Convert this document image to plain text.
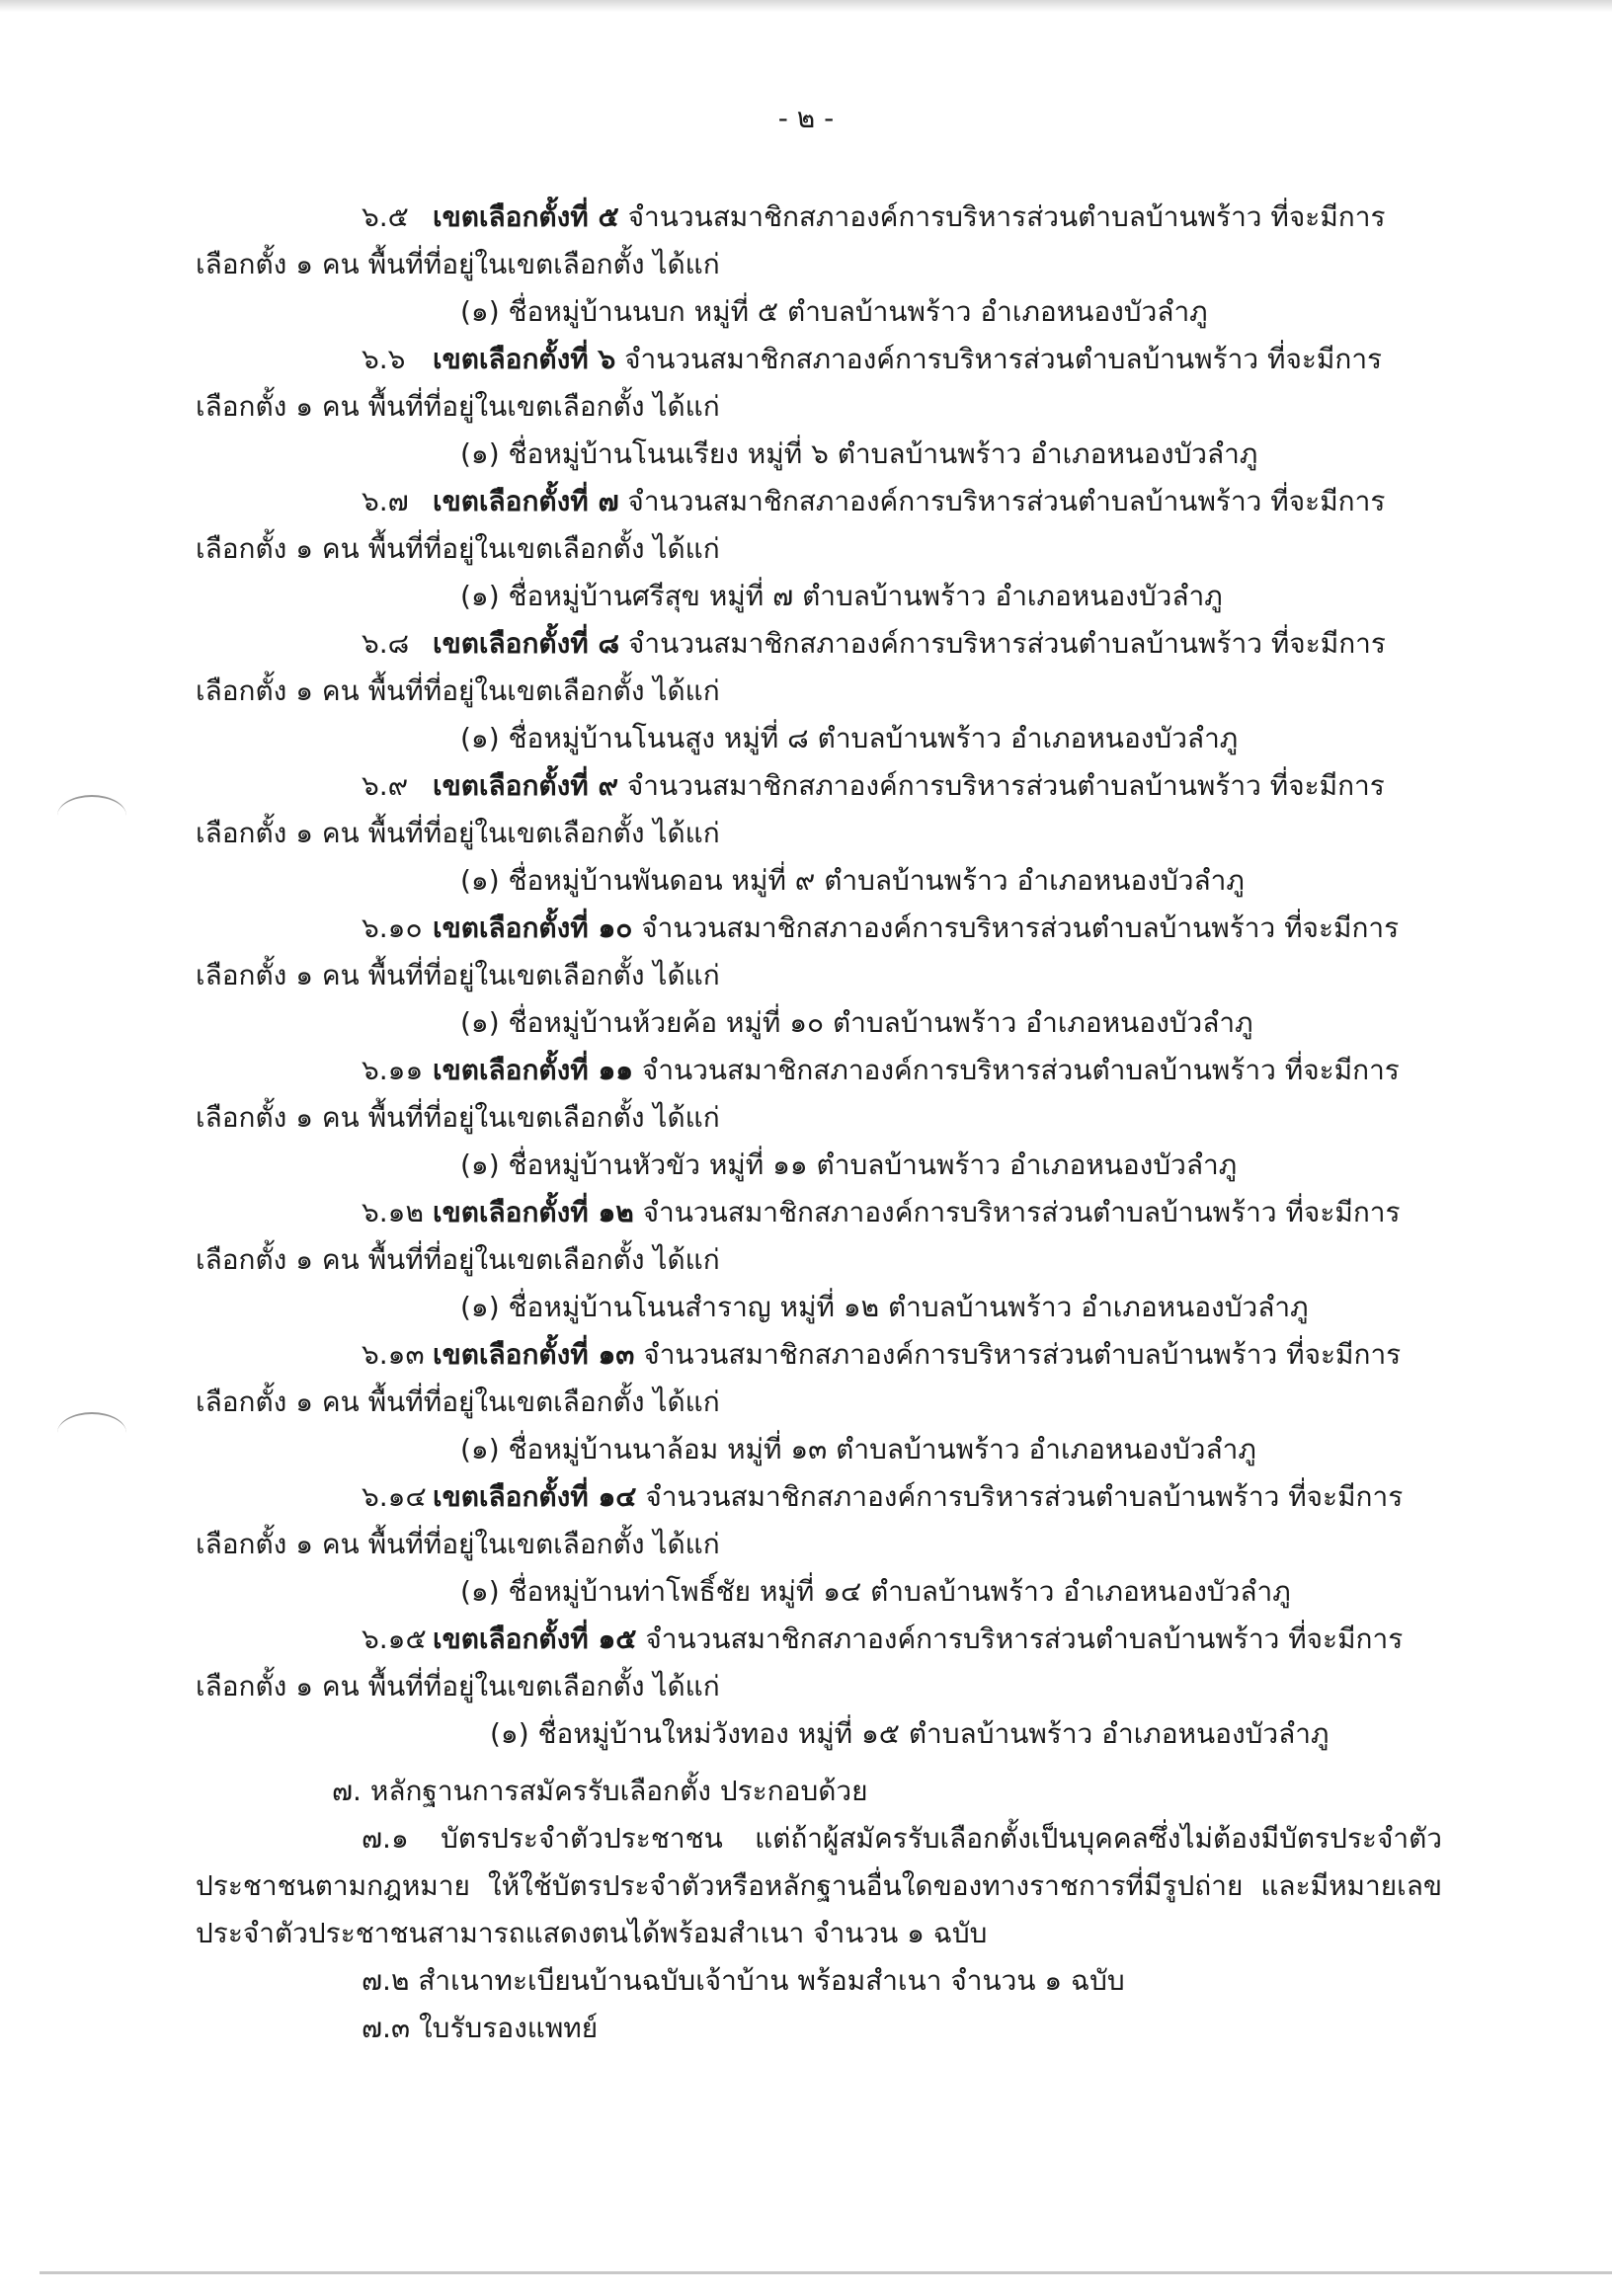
- ๒ -
๖.๕ เขตเลือกตั้งที่ ๕ จำนวนสมาชิกสภาองค์การบริหารส่วนตำบลบ้านพร้าว ที่จะมีการ
เลือกตั้ง ๑ คน พื้นที่ที่อยู่ในเขตเลือกตั้ง ได้แก่
(๑) ชื่อหมู่บ้านนบก หมู่ที่ ๕ ตำบลบ้านพร้าว อำเภอหนองบัวลำภู
๖.๖ เขตเลือกตั้งที่ ๖ จำนวนสมาชิกสภาองค์การบริหารส่วนตำบลบ้านพร้าว ที่จะมีการ
เลือกตั้ง ๑ คน พื้นที่ที่อยู่ในเขตเลือกตั้ง ได้แก่
(๑) ชื่อหมู่บ้านโนนเรียง หมู่ที่ ๖ ตำบลบ้านพร้าว อำเภอหนองบัวลำภู
๖.๗ เขตเลือกตั้งที่ ๗ จำนวนสมาชิกสภาองค์การบริหารส่วนตำบลบ้านพร้าว ที่จะมีการ
เลือกตั้ง ๑ คน พื้นที่ที่อยู่ในเขตเลือกตั้ง ได้แก่
(๑) ชื่อหมู่บ้านศรีสุข หมู่ที่ ๗ ตำบลบ้านพร้าว อำเภอหนองบัวลำภู
๖.๘ เขตเลือกตั้งที่ ๘ จำนวนสมาชิกสภาองค์การบริหารส่วนตำบลบ้านพร้าว ที่จะมีการ
เลือกตั้ง ๑ คน พื้นที่ที่อยู่ในเขตเลือกตั้ง ได้แก่
(๑) ชื่อหมู่บ้านโนนสูง หมู่ที่ ๘ ตำบลบ้านพร้าว อำเภอหนองบัวลำภู
๖.๙ เขตเลือกตั้งที่ ๙ จำนวนสมาชิกสภาองค์การบริหารส่วนตำบลบ้านพร้าว ที่จะมีการ
เลือกตั้ง ๑ คน พื้นที่ที่อยู่ในเขตเลือกตั้ง ได้แก่
(๑) ชื่อหมู่บ้านพันดอน หมู่ที่ ๙ ตำบลบ้านพร้าว อำเภอหนองบัวลำภู
๖.๑๐ เขตเลือกตั้งที่ ๑๐ จำนวนสมาชิกสภาองค์การบริหารส่วนตำบลบ้านพร้าว ที่จะมีการ
เลือกตั้ง ๑ คน พื้นที่ที่อยู่ในเขตเลือกตั้ง ได้แก่
(๑) ชื่อหมู่บ้านห้วยค้อ หมู่ที่ ๑๐ ตำบลบ้านพร้าว อำเภอหนองบัวลำภู
๖.๑๑ เขตเลือกตั้งที่ ๑๑ จำนวนสมาชิกสภาองค์การบริหารส่วนตำบลบ้านพร้าว ที่จะมีการ
เลือกตั้ง ๑ คน พื้นที่ที่อยู่ในเขตเลือกตั้ง ได้แก่
(๑) ชื่อหมู่บ้านหัวขัว หมู่ที่ ๑๑ ตำบลบ้านพร้าว อำเภอหนองบัวลำภู
๖.๑๒ เขตเลือกตั้งที่ ๑๒ จำนวนสมาชิกสภาองค์การบริหารส่วนตำบลบ้านพร้าว ที่จะมีการ
เลือกตั้ง ๑ คน พื้นที่ที่อยู่ในเขตเลือกตั้ง ได้แก่
(๑) ชื่อหมู่บ้านโนนสำราญ หมู่ที่ ๑๒ ตำบลบ้านพร้าว อำเภอหนองบัวลำภู
๖.๑๓ เขตเลือกตั้งที่ ๑๓ จำนวนสมาชิกสภาองค์การบริหารส่วนตำบลบ้านพร้าว ที่จะมีการ
เลือกตั้ง ๑ คน พื้นที่ที่อยู่ในเขตเลือกตั้ง ได้แก่
(๑) ชื่อหมู่บ้านนาล้อม หมู่ที่ ๑๓ ตำบลบ้านพร้าว อำเภอหนองบัวลำภู
๖.๑๔ เขตเลือกตั้งที่ ๑๔ จำนวนสมาชิกสภาองค์การบริหารส่วนตำบลบ้านพร้าว ที่จะมีการ
เลือกตั้ง ๑ คน พื้นที่ที่อยู่ในเขตเลือกตั้ง ได้แก่
(๑) ชื่อหมู่บ้านท่าโพธิ์ชัย หมู่ที่ ๑๔ ตำบลบ้านพร้าว อำเภอหนองบัวลำภู
๖.๑๕ เขตเลือกตั้งที่ ๑๕ จำนวนสมาชิกสภาองค์การบริหารส่วนตำบลบ้านพร้าว ที่จะมีการ
เลือกตั้ง ๑ คน พื้นที่ที่อยู่ในเขตเลือกตั้ง ได้แก่
(๑) ชื่อหมู่บ้านใหม่วังทอง หมู่ที่ ๑๕ ตำบลบ้านพร้าว อำเภอหนองบัวลำภู
๗. หลักฐานการสมัครรับเลือกตั้ง ประกอบด้วย
๗.๑ บัตรประจำตัวประชาชน แต่ถ้าผู้สมัครรับเลือกตั้งเป็นบุคคลซึ่งไม่ต้องมีบัตรประจำตัวประชาชนตามกฎหมาย ให้ใช้บัตรประจำตัวหรือหลักฐานอื่นใดของทางราชการที่มีรูปถ่าย และมีหมายเลขประจำตัวประชาชนสามารถแสดงตนได้พร้อมสำเนา จำนวน ๑ ฉบับ
๗.๒ สำเนาทะเบียนบ้านฉบับเจ้าบ้าน พร้อมสำเนา จำนวน ๑ ฉบับ
๗.๓ ใบรับรองแพทย์
